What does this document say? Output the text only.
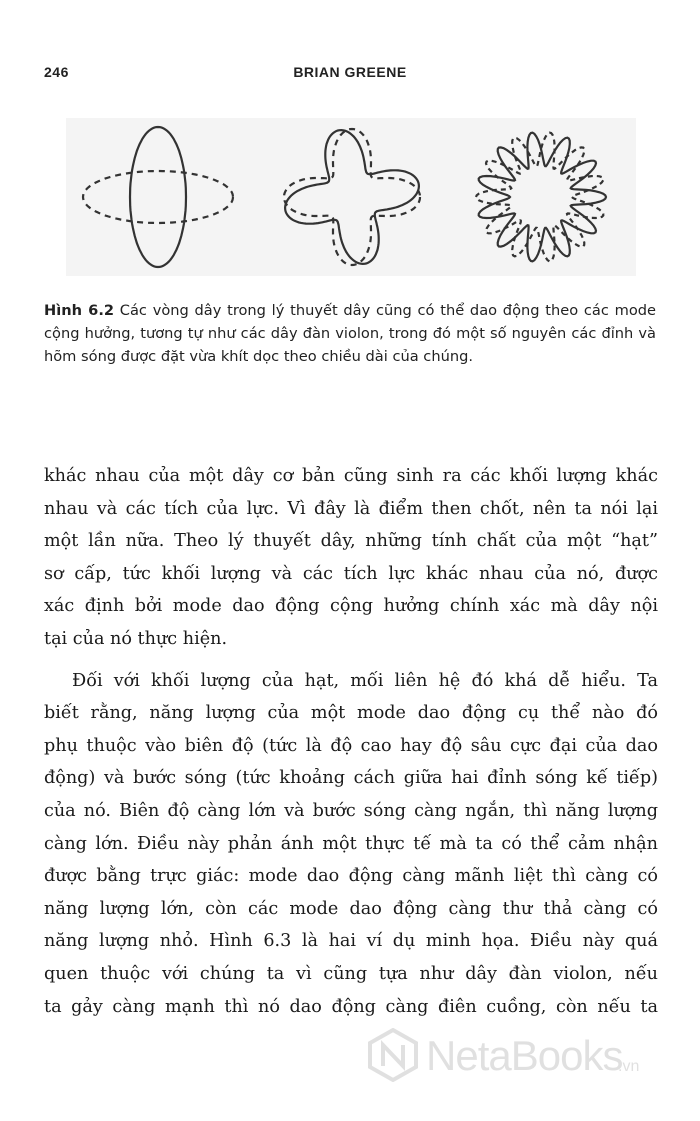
246	BRIAN GREENE
Hình 6.2 Các vòng dây trong lý thuyết dây cũng có thể dao động theo các mode cộng hưởng, tương tự như các dây đàn violon, trong đó một số nguyên các đỉnh và hõm sóng được đặt vừa khít dọc theo chiều dài của chúng.
khác nhau của một dây cơ bản cũng sinh ra các khối lượng khác
nhau và các tích của lực. Vì đây là điểm then chốt, nên ta nói lại
một lần nữa. Theo lý thuyết dây, những tính chất của một “hạt”
sơ cấp, tức khối lượng và các tích lực khác nhau của nó, được
xác định bởi mode dao động cộng hưởng chính xác mà dây nội
tại của nó thực hiện.
Đối với khối lượng của hạt, mối liên hệ đó khá dễ hiểu. Ta
biết rằng, năng lượng của một mode dao động cụ thể nào đó
phụ thuộc vào biên độ (tức là độ cao hay độ sâu cực đại của dao
động) và bước sóng (tức khoảng cách giữa hai đỉnh sóng kế tiếp)
của nó. Biên độ càng lớn và bước sóng càng ngắn, thì năng lượng
càng lớn. Điều này phản ánh một thực tế mà ta có thể cảm nhận
được bằng trực giác: mode dao động càng mãnh liệt thì càng có
năng lượng lớn, còn các mode dao động càng thư thả càng có
năng lượng nhỏ. Hình 6.3 là hai ví dụ minh họa. Điều này quá
quen thuộc với chúng ta vì cũng tựa như dây đàn violon, nếu
ta gảy càng mạnh thì nó dao động càng điên cuồng, còn nếu ta
NetaBooks
.vn
